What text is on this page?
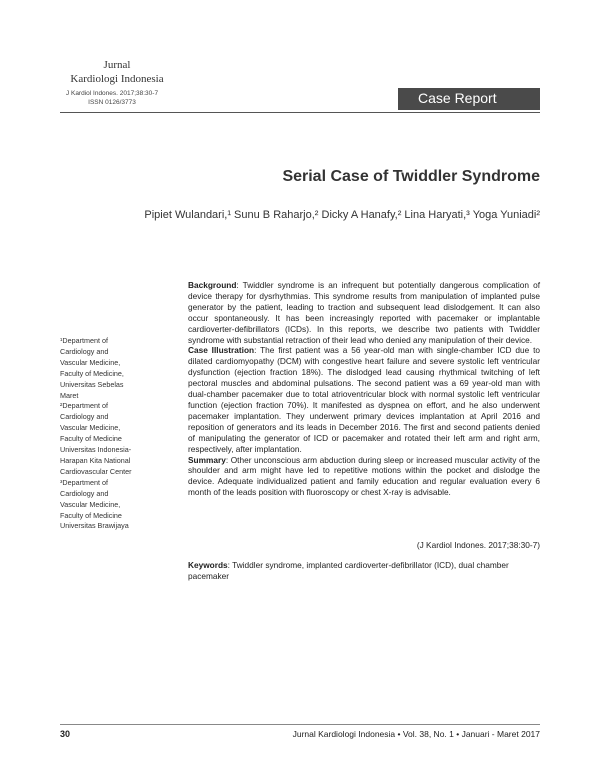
Jurnal
Kardiologi Indonesia
J Kardiol Indones. 2017;38:30-7
ISSN 0126/3773	Case Report
Serial Case of Twiddler Syndrome
Pipiet Wulandari,¹ Sunu B Raharjo,² Dicky A Hanafy,² Lina Haryati,³ Yoga Yuniadi²
¹Department of
Cardiology and
Vascular Medicine,
Faculty of Medicine,
Universitas Sebelas
Maret
²Department of
Cardiology and
Vascular Medicine,
Faculty of Medicine
Universitas Indonesia-
Harapan Kita National
Cardiovascular Center
³Department of
Cardiology and
Vascular Medicine,
Faculty of Medicine
Universitas Brawijaya

Background: Twiddler syndrome is an infrequent but potentially dangerous complication of device therapy for dysrhythmias. This syndrome results from manipulation of implanted pulse generator by the patient, leading to traction and subsequent lead dislodgement. It can also occur spontaneously. It has been increasingly reported with pacemaker or implantable cardioverter-defibrillators (ICDs). In this reports, we describe two patients with Twiddler syndrome with substantial retraction of their lead who denied any manipulation of their device.

Case Illustration: The first patient was a 56 year-old man with single-chamber ICD due to dilated cardiomyopathy (DCM) with congestive heart failure and severe systolic left ventricular dysfunction (ejection fraction 18%). The dislodged lead causing rhythmical twitching of left pectoral muscles and abdominal pulsations. The second patient was a 69 year-old man with dual-chamber pacemaker due to total atrioventricular block with normal systolic left ventricular function (ejection fraction 70%). It manifested as dyspnea on effort, and he also underwent pacemaker implantation. They underwent primary devices implantation at April 2016 and reposition of generators and its leads in December 2016. The first and second patients denied of manipulating the generator of ICD or pacemaker and rotated their left arm and right arm, respectively, after implantation.

Summary: Other unconscious arm abduction during sleep or increased muscular activity of the shoulder and arm might have led to repetitive motions within the pocket and dislodge the device. Adequate individualized patient and family education and regular evaluation every 6 month of the leads position with fluoroscopy or chest X-ray is advisable.

(J Kardiol Indones. 2017;38:30-7)
Keywords: Twiddler syndrome, implanted cardioverter-defibrillator (ICD), dual chamber pacemaker
30	Jurnal Kardiologi Indonesia • Vol. 38, No. 1 • Januari - Maret 2017
